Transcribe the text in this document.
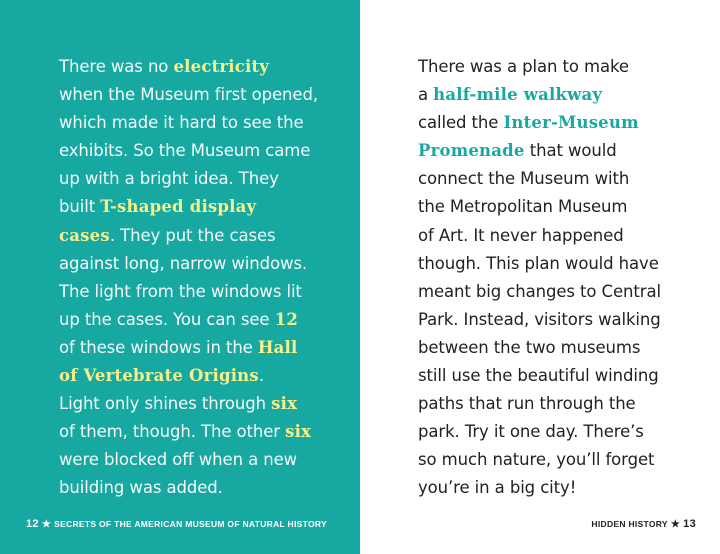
There was no electricity
when the Museum first opened,
which made it hard to see the
exhibits. So the Museum came
up with a bright idea. They
built T-shaped display
cases. They put the cases
against long, narrow windows.
The light from the windows lit
up the cases. You can see 12
of these windows in the Hall
of Vertebrate Origins.
Light only shines through six
of them, though. The other six
were blocked off when a new
building was added.
12 ★ SECRETS OF THE AMERICAN MUSEUM OF NATURAL HISTORY
There was a plan to make
a half-mile walkway
called the Inter-Museum
Promenade that would
connect the Museum with
the Metropolitan Museum
of Art. It never happened
though. This plan would have
meant big changes to Central
Park. Instead, visitors walking
between the two museums
still use the beautiful winding
paths that run through the
park. Try it one day. There’s
so much nature, you’ll forget
you’re in a big city!
HIDDEN HISTORY ★ 13
